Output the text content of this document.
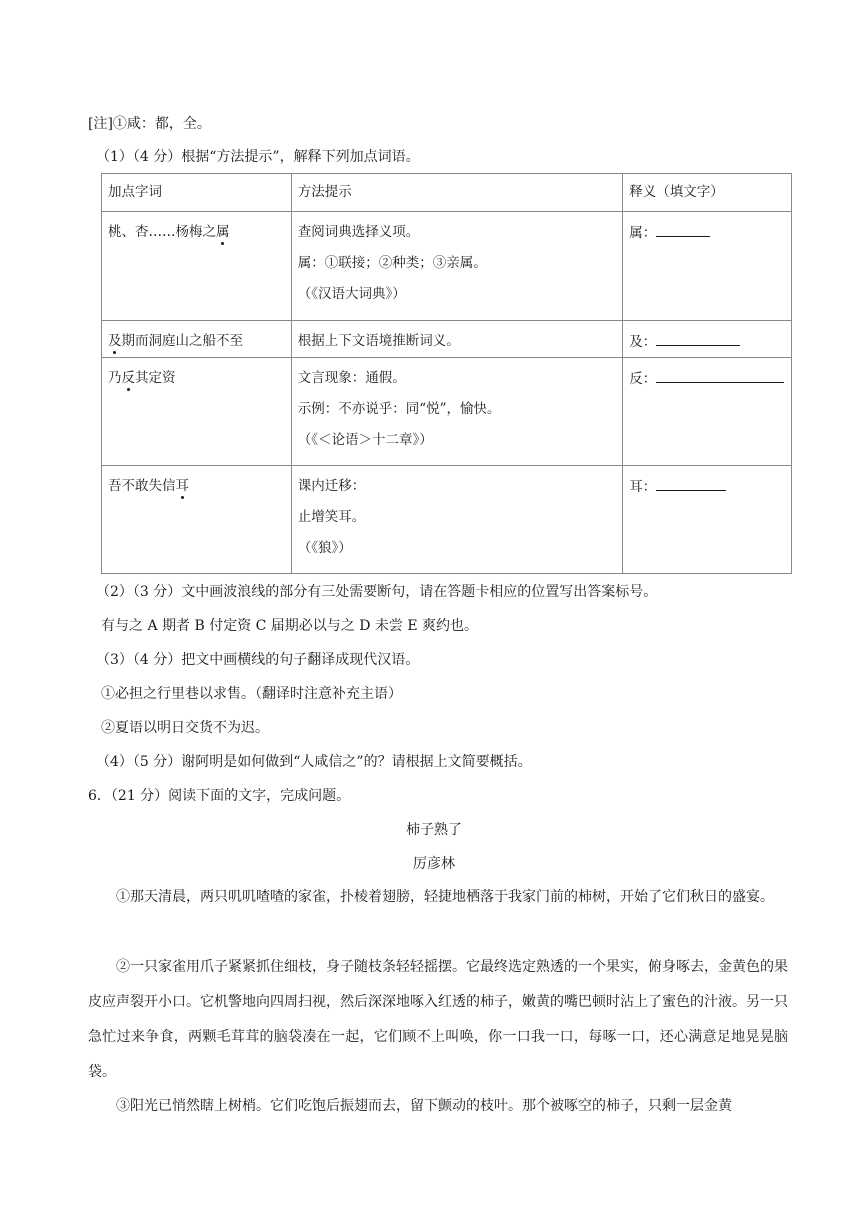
[注]①咸：都，全。
（1）（4 分）根据“方法提示”，解释下列加点词语。
加点字词	方法提示	释义（填文字）
桃、杏……杨梅之属	查阅词典选择义项。
属：①联接；②种类；③亲属。
（《汉语大词典》）	属：
及期而洞庭山之船不至	根据上下文语境推断词义。	及：
乃反其定资	文言现象：通假。
示例：不亦说乎：同“悦”，愉快。
（《＜论语＞十二章》）	反：
吾不敢失信耳	课内迁移：
止增笑耳。
（《狼》）	耳：
（2）（3 分）文中画波浪线的部分有三处需要断句，请在答题卡相应的位置写出答案标号。
有与之 A 期者 B 付定资 C 届期必以与之 D 未尝 E 爽约也。
（3）（4 分）把文中画横线的句子翻译成现代汉语。
①必担之行里巷以求售。（翻译时注意补充主语）
②夏语以明日交货不为迟。
（4）（5 分）谢阿明是如何做到“人咸信之”的？请根据上文简要概括。
6．（21 分）阅读下面的文字，完成问题。
柿子熟了
厉彦林
①那天清晨，两只叽叽喳喳的家雀，扑棱着翅膀，轻捷地栖落于我家门前的柿树，开始了它们秋日的盛宴。
②一只家雀用爪子紧紧抓住细枝，身子随枝条轻轻摇摆。它最终选定熟透的一个果实，俯身啄去，金黄色的果皮应声裂开小口。它机警地向四周扫视，然后深深地啄入红透的柿子，嫩黄的嘴巴顿时沾上了蜜色的汁液。另一只急忙过来争食，两颗毛茸茸的脑袋凑在一起，它们顾不上叫唤，你一口我一口，每啄一口，还心满意足地晃晃脑袋。
③阳光已悄然瞎上树梢。它们吃饱后振翅而去，留下颤动的枝叶。那个被啄空的柿子，只剩一层金黄
